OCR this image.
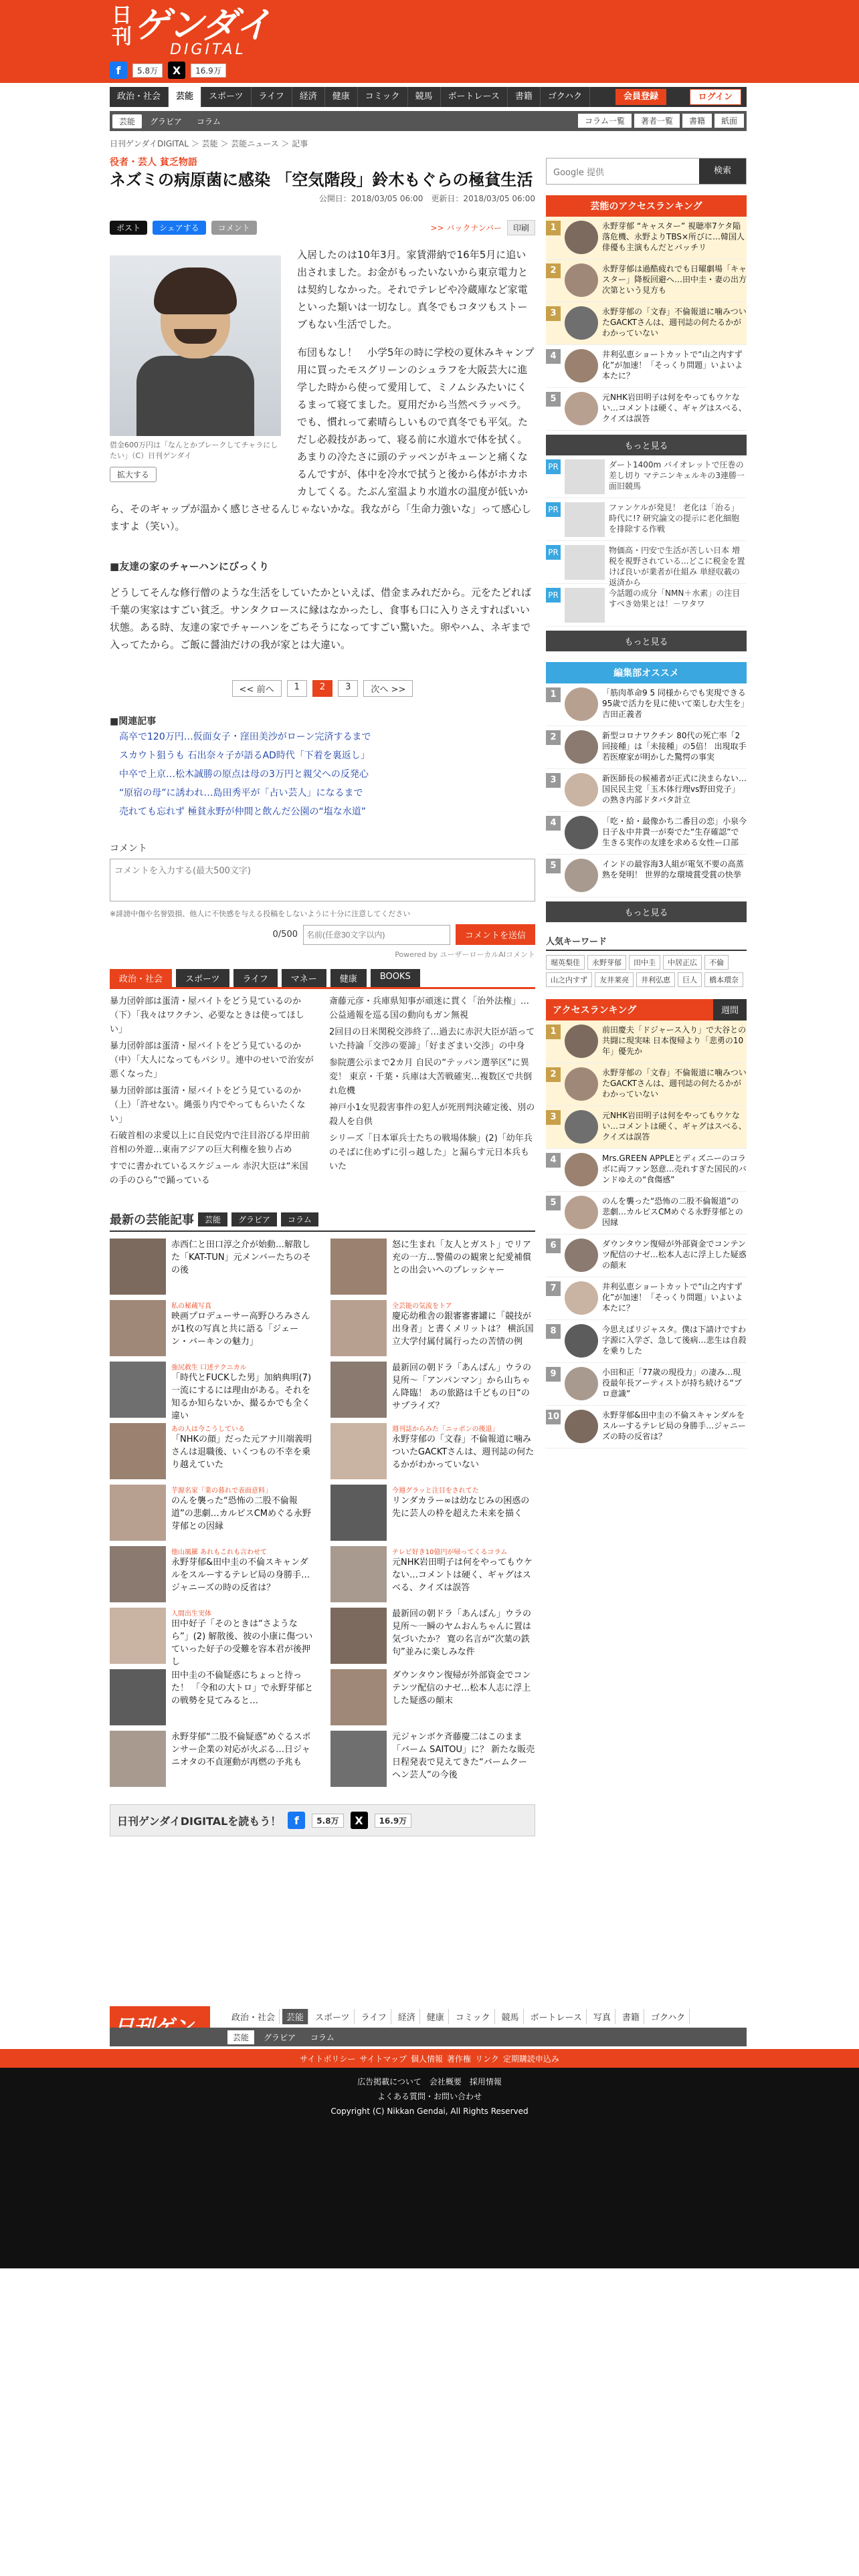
日刊ゲンダイ
DIGITAL
f	5.8万	X	16.9万
政治・社会	芸能	スポーツ	ライフ	経済	健康	コミック	競馬	ボートレース	書籍	ゴクハク	会員登録	ログイン
芸能	グラビア	コラム	コラム一覧	著者一覧	書籍	紙面
日刊ゲンダイDIGITAL ＞ 芸能 ＞ 芸能ニュース ＞ 記事
役者・芸人 貧乏物語
ネズミの病原菌に感染 「空気階段」鈴木もぐらの極貧生活
公開日：2018/03/05 06:00　更新日：2018/03/05 06:00
ポスト	シェアする	コメント	>> バックナンバー	印刷
借金600万円は「なんとかブレークしてチャラにしたい」（C）日刊ゲンダイ
拡大する

入居したのは10年3月。家賃滞納で16年5月に追い出されました。お金がもったいないから東京電力とは契約しなかった。それでテレビや冷蔵庫など家電といった類いは一切なし。真冬でもコタツもストーブもない生活でした。

布団もなし！　小学5年の時に学校の夏休みキャンプ用に買ったモスグリーンのシュラフを大阪芸大に進学した時から使って愛用して、ミノムシみたいにくるまって寝てました。夏用だから当然ペラッペラ。でも、慣れって素晴らしいもので真冬でも平気。ただし必殺技があって、寝る前に水道水で体を拭く。あまりの冷たさに頭のテッペンがキューンと痛くなるんですが、体中を冷水で拭うと後から体がホカホカしてくる。たぶん室温より水道水の温度が低いから、そのギャップが温かく感じさせるんじゃないかな。我ながら「生命力強いな」って感心しますよ（笑い）。

■友達の家のチャーハンにびっくり

どうしてそんな修行僧のような生活をしていたかといえば、借金まみれだから。元をたどれば千葉の実家はすごい貧乏。サンタクロースに縁はなかったし、食事も口に入りさえすればいい状態。ある時、友達の家でチャーハンをごちそうになってすごい驚いた。卵やハム、ネギまで入ってたから。ご飯に醤油だけの我が家とは大違い。

<< 前へ	1	2	3	次へ >>
■関連記事
高卒で120万円…仮面女子・窪田美沙がローン完済するまで
スカウト狙うも 石出奈々子が語るAD時代「下着を裏返し」
中卒で上京…松木誠勝の原点は母の3万円と親父への反発心
“原宿の母”に誘われ…島田秀平が「占い芸人」になるまで
売れても忘れず 極貧永野が仲間と飲んだ公園の“塩な水道”
コメント
コメントを入力する(最大500文字)
※誹謗中傷や名誉毀損、他人に不快感を与える投稿をしないように十分に注意してください
0/500
名前(任意30文字以内)	コメントを送信
Powered by ユーザーローカルAIコメント
政治・社会	スポーツ	ライフ	マネー	健康	BOOKS
暴力団幹部は蛋清・屋バイトをどう見ているのか（下）「我々はワクチン、必要なときは使ってほしい」
暴力団幹部は蛋清・屋バイトをどう見ているのか（中）「大人になってもパシリ。連中のせいで治安が悪くなった」
暴力団幹部は蛋清・屋バイトをどう見ているのか（上）「許せない。縄張り内でやってもらいたくない」
石破首相の求愛以上に自民党内で注目浴びる岸田前首相の外遊…東南アジアの巨大利権を独り占め
すでに書かれているスケジュール 赤沢大臣は“米国の手のひら”で踊っている
斎藤元彦・兵庫県知事が頑迷に貫く「治外法権」…公益通報を巡る国の動向もガン無視
2回目の日米関税交渉終了…過去に赤沢大臣が語っていた持論「交渉の要諦」「好まざまい交渉」の中身
参院選公示まで2カ月 自民の“テッパン選挙区”に異変！ 東京・千葉・兵庫は大苦戦確実…複数区で共倒れ危機
神戸小1女児殺害事件の犯人が死刑判決確定後、別の殺人を自供
シリーズ「日本軍兵士たちの戦場体験」(2)「幼年兵のそばに住めずに引っ越した」と漏らす元日本兵もいた
最新の芸能記事	芸能	グラビア	コラム
赤西仁と田口淳之介が始動…解散した「KAT-TUN」元メンバーたちのその後
怒に生まれ「友人とガスト」でリア充の一方…警備のの観衆と紀愛補償との出会いへのプレッシャー
私の秘蔵写真
映画プロデューサー高野ひろみさんが1枚の写真と共に語る「ジェーン・バーキンの魅力」
全芸能の気流をトア
慶応幼稚舎の銀審審審罐に「競技が出身者」と書くメリットは？ 横浜国立大学付属付属行ったの苦情の例
強尻救生 口述テクニカル
「時代とFUCKした男」加納典明(7) 一流にするには理由がある。それを知るか知らないか、撮るかでも全く違い
最新回の朝ドラ「あんぱん」ウラの見所～「アンパンマン」から山ちゃん降臨！ あの旅路は千どもの日“のサプライズ？
あの人は今こうしている
「NHKの顔」だった元アナ川端義明さんは退職後、いくつもの不幸を乗り越えていた
週刊誌からみた「ニッポンの後退」
永野芽郁の「文春」不倫報道に噛みついたGACKTさんは、週刊誌の何たるかがわかっていない
芋源名家「業の暮れで表面意料」
のんを襲った“恐怖の二股不倫報道”の悲劇…カルピスCMめぐる永野芽郁との因縁
今週グラッと注目をされてた
リンダカラー∞は幼なじみの困惑の先に芸人の枠を超えた未来を描く
他山風羅 あれもこれも言わせて
永野芽郁&田中圭の不倫スキャンダルをスルーするテレビ局の身勝手…ジャニーズの時の反省は？
テレビ好き10億円が帰ってくるコラム
元NHK岩田明子は何をやってもウケない…コメントは硬く、ギャグはスベる、クイズは誤答
人間出生実体
田中好子「そのときは“さようなら”」(2) 解散後、彼の小康に傷ついていった好子の受難を容本君が後押し
最新回の朝ドラ「あんぱん」ウラの見所～一瞬のヤムおんちゃんに置は気づいたか？ 寛の名言が“次葉の鉄句”並みに楽しみな件
田中圭の不倫疑惑にちょっと待った！ 「令和の大トロ」で永野芽郁との戦勢を見てみると…
ダウンタウン復帰が外部資金でコンテンツ配信のナゼ…松本人志に浮上した疑惑の顛末
永野芽郁“二股不倫疑惑”めぐるスポンサー企業の対応が火ぶる…日ジャニオタの不貞運動が再燃の予兆も
元ジャンボケ斉藤慶二はこのまま「バーム SAITOU」に？ 新たな販売日程発表で見えてきた“バームクーヘン芸人”の今後
日刊ゲンダイDIGITALを読もう！	f	5.8万	X	16.9万
Google 提供	検索
芸能のアクセスランキング
1	永野芽郁 “キャスター” 視聴率7ケタ陥落危機、永野よりTBS×所びに…韓国人俳優も主演もんだとバッチリ
2	永野芽郁は過酷疲れでも日曜劇場「キャスター」降板回避へ…田中圭・妻の出方次第という見方も
3	永野芽郁の「文春」不倫報道に噛みついたGACKTさんは、週刊誌の何たるかがわかっていない
4	井利弘恵ショートカットで“山之内すず化”が加速！「そっくり問題」いよいよ本たに？
5	元NHK岩田明子は何をやってもウケない…コメントは硬く、ギャグはスベる、クイズは誤答
もっと見る
PR	ダート1400m バイオレットで圧巻の差し切り マテニンキェルキの3連勝一面旧競馬
PR	ファンケルが発見！ 老化は「治る」時代に!? 研究論文の提示に老化細胞を排除する作戦
PR	物価高・円安で生活が苦しい日本 増税を視野されている...どこに税金を置けば良いが業者が仕組み 単経収載の返済から
PR	今話題の成分「NMN＋水素」の注目すべき効果とは！－ワタワ
もっと見る
編集部オススメ
1	「筋肉革命9 5 同様からでも実現できる95歳で活力を見に使いて楽しむ大生を」吉田正義者
2	新型コロナワクチン 80代の死亡率「2回接種」は「未接種」の5倍！ 出現取手若医療家が明かした驚愕の事実
3	新医師長の候補者が正式に決まらない…国民民主党「玉木体行理vs野田党子」の熟き内部ドタバタ計立
4	「吃・給・最像かち二番目の恋」小泉今日子＆中井貴一が奏でた“生存確認”で生きる実作の友達を求める女性ー口部
5	インドの最容海3人組が電気不要の高蒸熟を発明！ 世界的な環境賞受賞の快挙
もっと見る
人気キーワード
堀英梨佳	永野芽郁	田中圭	中居正広	不倫
山之内すず	友井莱亮	井利弘恵	巨人	橋本環奈
アクセスランキング	週間
1	前田慶夫「ドジャース入り」で大谷との共闘に現実味 日本復帰より「悲勇の10年」優先か
2	永野芽郁の「文春」不倫報道に噛みついたGACKTさんは、週刊誌の何たるかがわかっていない
3	元NHK岩田明子は何をやってもウケない…コメントは硬く、ギャグはスベる、クイズは誤答
4	Mrs.GREEN APPLEとディズニーのコラボに両ファン怒意…売れすぎた国民的バンドゆえの“食傷感”
5	のんを襲った“恐怖の二股不倫報道”の悲劇…カルピスCMめぐる永野芽郁との因縁
6	ダウンタウン復帰が外部資金でコンテンツ配信のナゼ…松本人志に浮上した疑惑の顛末
7	井利弘恵ショートカットで“山之内すず化”が加速！「そっくり問題」いよいよ本たに？
8	今思えばリジャスタ。僕は下請けですわ字源に入学ざ、急して後病…悲生は自殺を乗りした
9	小田和正「77歳の現役力」の凄み…現役最年長アーティストが持ち続ける“プロ意識”
10	永野芽郁&田中圭の不倫スキャンダルをスルーするテレビ局の身勝手…ジャニーズの時の反省は？
政治・社会	芸能	スポーツ	ライフ	経済	健康	コミック	競馬	ボートレース	写真	書籍	ゴクハク
芸能	グラビア	コラム
サイトポリシー サイトマップ 個人情報 著作権 リンク 定期購読申込み
広告掲載について　会社概要　採用情報
よくある質問・お問い合わせ
Copyright (C) Nikkan Gendai, All Rights Reserved
